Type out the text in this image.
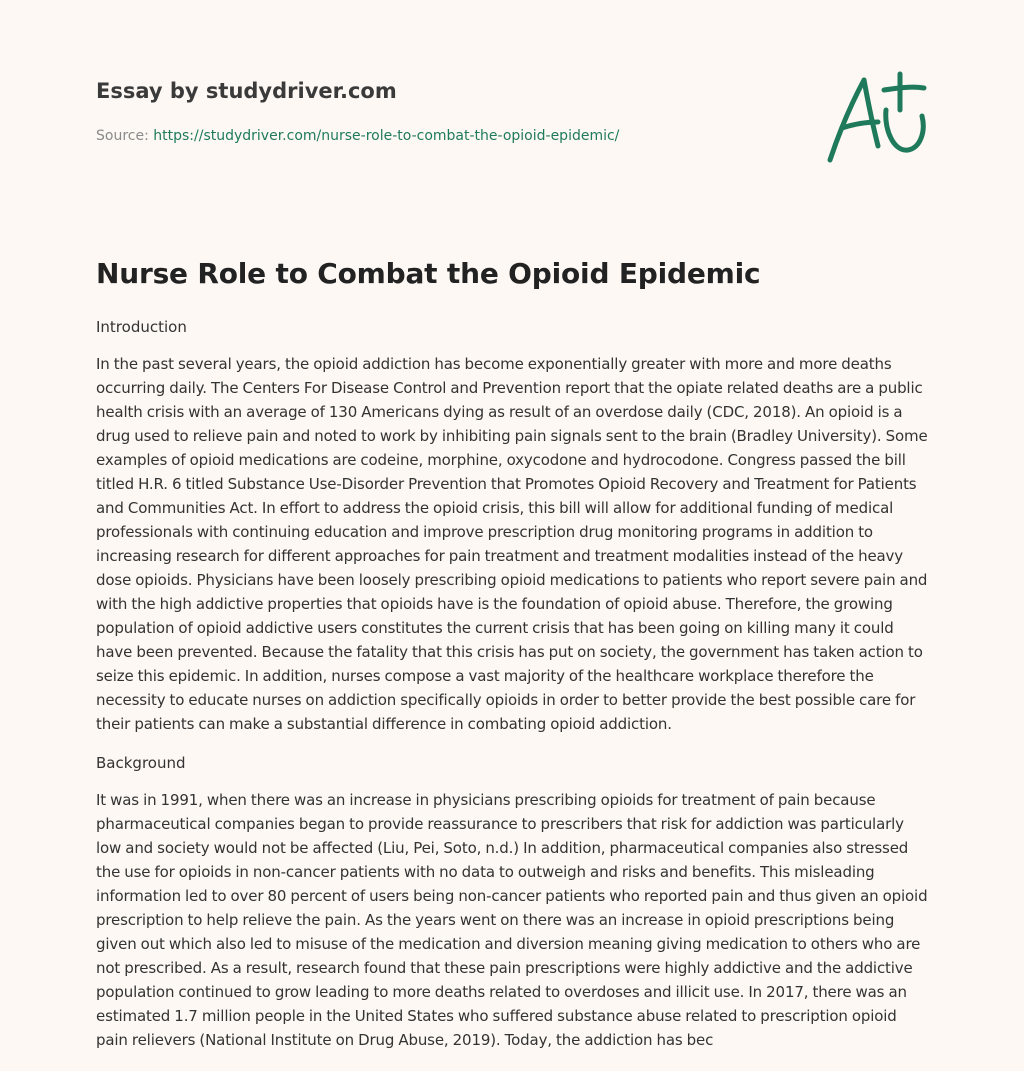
Essay by studydriver.com
Source: https://studydriver.com/nurse-role-to-combat-the-opioid-epidemic/
Nurse Role to Combat the Opioid Epidemic

Introduction

In the past several years, the opioid addiction has become exponentially greater with more and more deaths occurring daily. The Centers For Disease Control and Prevention report that the opiate related deaths are a public health crisis with an average of 130 Americans dying as result of an overdose daily (CDC, 2018). An opioid is a drug used to relieve pain and noted to work by inhibiting pain signals sent to the brain (Bradley University). Some examples of opioid medications are codeine, morphine, oxycodone and hydrocodone. Congress passed the bill titled H.R. 6 titled Substance Use-Disorder Prevention that Promotes Opioid Recovery and Treatment for Patients and Communities Act. In effort to address the opioid crisis, this bill will allow for additional funding of medical professionals with continuing education and improve prescription drug monitoring programs in addition to increasing research for different approaches for pain treatment and treatment modalities instead of the heavy dose opioids. Physicians have been loosely prescribing opioid medications to patients who report severe pain and with the high addictive properties that opioids have is the foundation of opioid abuse. Therefore, the growing population of opioid addictive users constitutes the current crisis that has been going on killing many it could have been prevented. Because the fatality that this crisis has put on society, the government has taken action to seize this epidemic. In addition, nurses compose a vast majority of the healthcare workplace therefore the necessity to educate nurses on addiction specifically opioids in order to better provide the best possible care for their patients can make a substantial difference in combating opioid addiction.

Background

It was in 1991, when there was an increase in physicians prescribing opioids for treatment of pain because pharmaceutical companies began to provide reassurance to prescribers that risk for addiction was particularly low and society would not be affected (Liu, Pei, Soto, n.d.) In addition, pharmaceutical companies also stressed the use for opioids in non-cancer patients with no data to outweigh and risks and benefits. This misleading information led to over 80 percent of users being non-cancer patients who reported pain and thus given an opioid prescription to help relieve the pain. As the years went on there was an increase in opioid prescriptions being given out which also led to misuse of the medication and diversion meaning giving medication to others who are not prescribed. As a result, research found that these pain prescriptions were highly addictive and the addictive population continued to grow leading to more deaths related to overdoses and illicit use. In 2017, there was an estimated 1.7 million people in the United States who suffered substance abuse related to prescription opioid pain relievers (National Institute on Drug Abuse, 2019). Today, the addiction has bec
